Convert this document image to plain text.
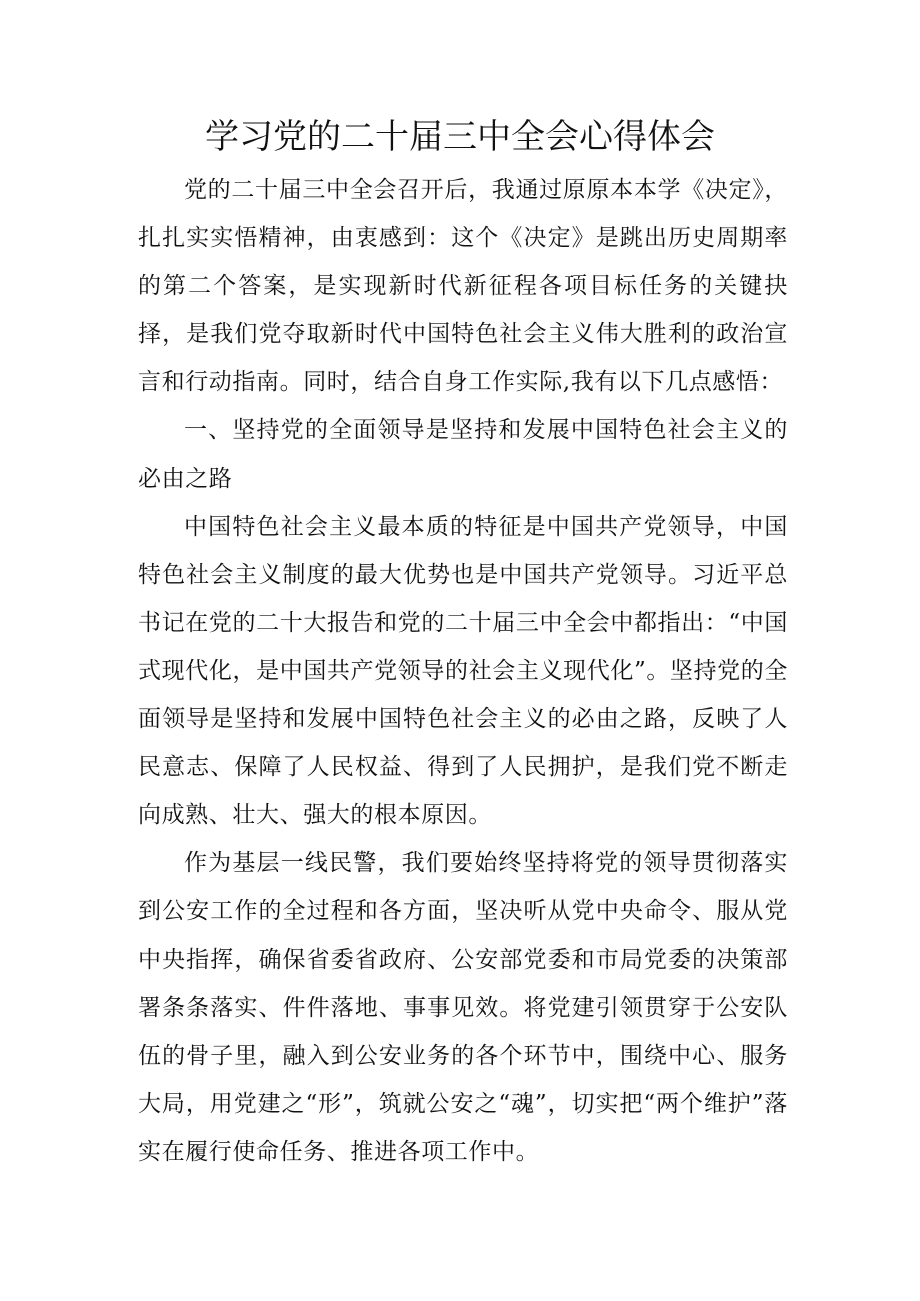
学习党的二十届三中全会心得体会

党的二十届三中全会召开后，我通过原原本本学《决定》，扎扎实实悟精神，由衷感到：这个《决定》是跳出历史周期率的第二个答案，是实现新时代新征程各项目标任务的关键抉择，是我们党夺取新时代中国特色社会主义伟大胜利的政治宣言和行动指南。同时，结合自身工作实际,我有以下几点感悟：

一、坚持党的全面领导是坚持和发展中国特色社会主义的必由之路

中国特色社会主义最本质的特征是中国共产党领导，中国特色社会主义制度的最大优势也是中国共产党领导。习近平总书记在党的二十大报告和党的二十届三中全会中都指出：“中国式现代化，是中国共产党领导的社会主义现代化”。坚持党的全面领导是坚持和发展中国特色社会主义的必由之路，反映了人民意志、保障了人民权益、得到了人民拥护，是我们党不断走向成熟、壮大、强大的根本原因。

作为基层一线民警，我们要始终坚持将党的领导贯彻落实到公安工作的全过程和各方面，坚决听从党中央命令、服从党中央指挥，确保省委省政府、公安部党委和市局党委的决策部署条条落实、件件落地、事事见效。将党建引领贯穿于公安队伍的骨子里，融入到公安业务的各个环节中，围绕中心、服务大局，用党建之“形”，筑就公安之“魂”，切实把“两个维护”落实在履行使命任务、推进各项工作中。
